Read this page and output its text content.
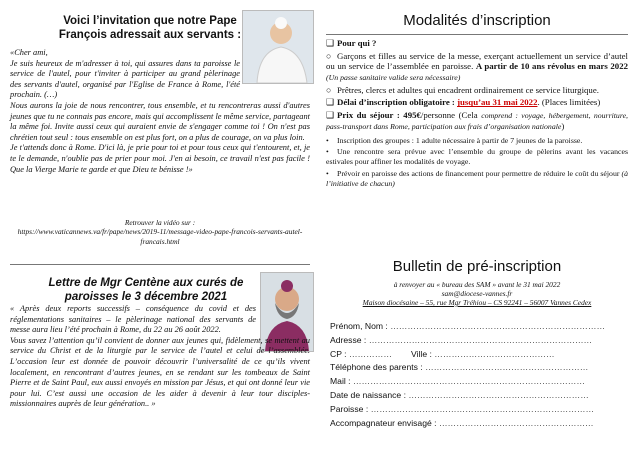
Voici l’invitation que notre Pape François adressait aux servants :
«Cher ami,
Je suis heureux de m'adresser à toi, qui assures dans ta paroisse le service de l'autel, pour t'inviter à participer au grand pèlerinage des servants d'autel, organisé par l'Eglise de France à Rome, l'été prochain. (…)
Nous aurons la joie de nous rencontrer, tous ensemble, et tu rencontreras aussi d'autres jeunes que tu ne connais pas encore, mais qui accomplissent le même service, partageant la même foi. Invite aussi ceux qui auraient envie de s'engager comme toi ! On n'est pas chrétien tout seul : tous ensemble on est plus fort, on a plus de courage, on va plus loin.
Je t'attends donc à Rome. D'ici là, je prie pour toi et pour tous ceux qui t'entourent, et, je te le demande, n'oublie pas de prier pour moi. J'en ai besoin, ce travail n'est pas facile ! Que la Vierge Marie te garde et que Dieu te bénisse !»
Retrouver la vidéo sur :
https://www.vaticannews.va/fr/pape/news/2019-11/message-video-pape-francois-servants-autel-francais.html
Lettre de Mgr Centène aux curés de paroisses le 3 décembre 2021
« Après deux reports successifs – conséquence du covid et des réglementations sanitaires – le pèlerinage national des servants de messe aura lieu l’été prochain à Rome, du 22 au 26 août 2022.
Vous savez l’attention qu’il convient de donner aux jeunes qui, fidèlement, se mettent au service du Christ et de la liturgie par le service de l’autel et celui de l’assemblée. L’occasion leur est donnée de pouvoir découvrir l’universalité de ce qu’ils vivent localement, en rencontrant d’autres jeunes, en se rendant sur les tombeaux de Saint Pierre et de Saint Paul, eux aussi envoyés en mission par Jésus, et qui ont donné leur vie pour lui. C’est aussi une occasion de les aider à devenir à leur tour disciples-missionnaires auprès de leur génération.. »
Modalités d’inscription

❑ Pour qui ?

○ Garçons et filles au service de la messe, exerçant actuellement un service d’autel ou un service de l’assemblée en paroisse. A partir de 10 ans révolus en mars 2022 (Un passe sanitaire valide sera nécessaire)

○ Prêtres, clercs et adultes qui encadrent ordinairement ce service liturgique.

❑ Délai d’inscription obligatoire : jusqu’au 31 mai 2022. (Places limitées)

❑ Prix du séjour : 495€/personne (Cela comprend : voyage, hébergement, nourriture, pass-transport dans Rome, participation aux frais d’organisation nationale)

• Inscription des groupes : 1 adulte nécessaire à partir de 7 jeunes de la paroisse.

• Une rencontre sera prévue avec l’ensemble du groupe de pèlerins avant les vacances estivales pour affiner les modalités de voyage.

• Prévoir en paroisse des actions de financement pour permettre de réduire le coût du séjour (à l’initiative de chacun)

Bulletin de pré-inscription
à renvoyer au « bureau des SAM » avant le 31 mai 2022
sam@diocese-vannes.fr
Maison diocésaine – 55, rue Mgr Tréhiou – CS 92241 – 56007 Vannes Cedex
Prénom, Nom : …………………………………………………………………
Adresse : ……………………………………………………………………
CP : …………… Ville : ……………………………………
Téléphone des parents : …………………………………………………
Mail : ………………………………………………………………………
Date de naissance : ………………………………………………………
Paroisse : ……………………………………………………………………
Accompagnateur envisagé : ………………………………………………
